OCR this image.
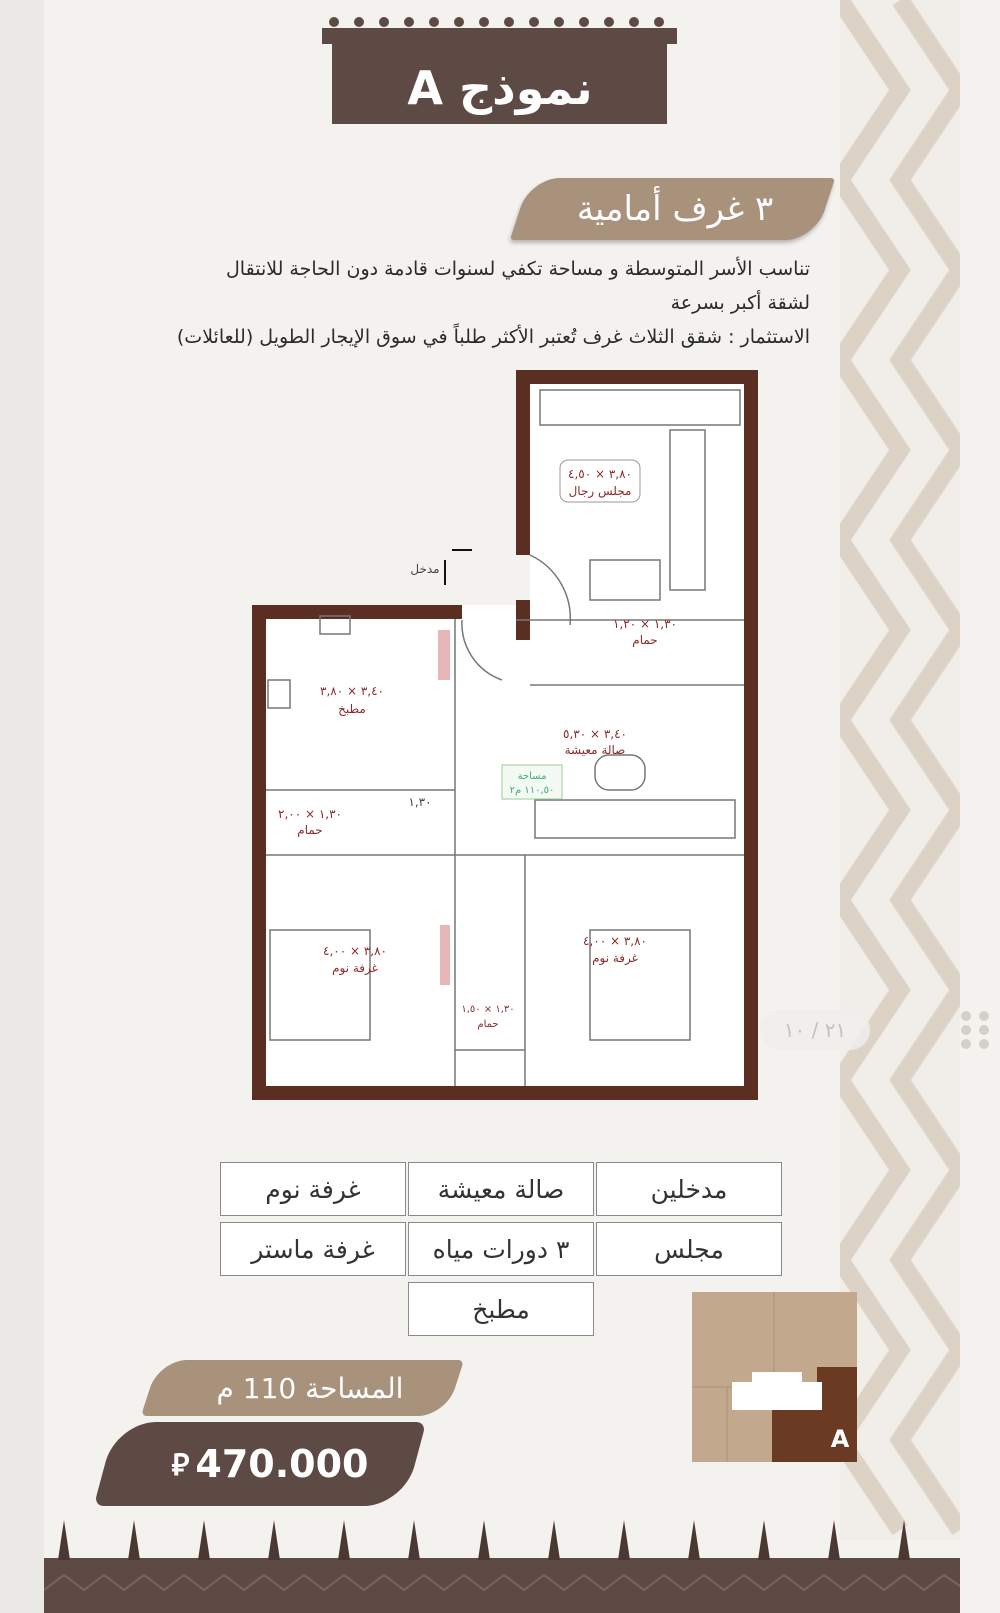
نموذج A
٣ غرف أمامية
تناسب الأسر المتوسطة و مساحة تكفي لسنوات قادمة دون الحاجة للانتقال
لشقة أكبر بسرعة
الاستثمار : شقق الثلاث غرف تُعتبر الأكثر طلباً في سوق الإيجار الطويل (للعائلات)
٣,٨٠ × ٤,٥٠
مجلس رجال
١,٣٠ × ١,٢٠
حمام
٣,٤٠ × ٣,٨٠
مطبخ
٣,٤٠ × ٥,٣٠
صالة معيشة
مساحة
١١٠,٥٠ م٢
١,٣٠ × ٢,٠٠
حمام
١,٣٠
٣,٨٠ × ٤,٠٠
غرفة نوم
٣,٨٠ × ٤,٠٠
غرفة نوم
١,٣٠ × ١,٥٠
حمام
مدخل
مدخلين
صالة معيشة
غرفة نوم
مجلس
٣ دورات مياه
غرفة ماستر
مطبخ
المساحة 110 م
⃁ 470.000
A
٢١ / ١٠
